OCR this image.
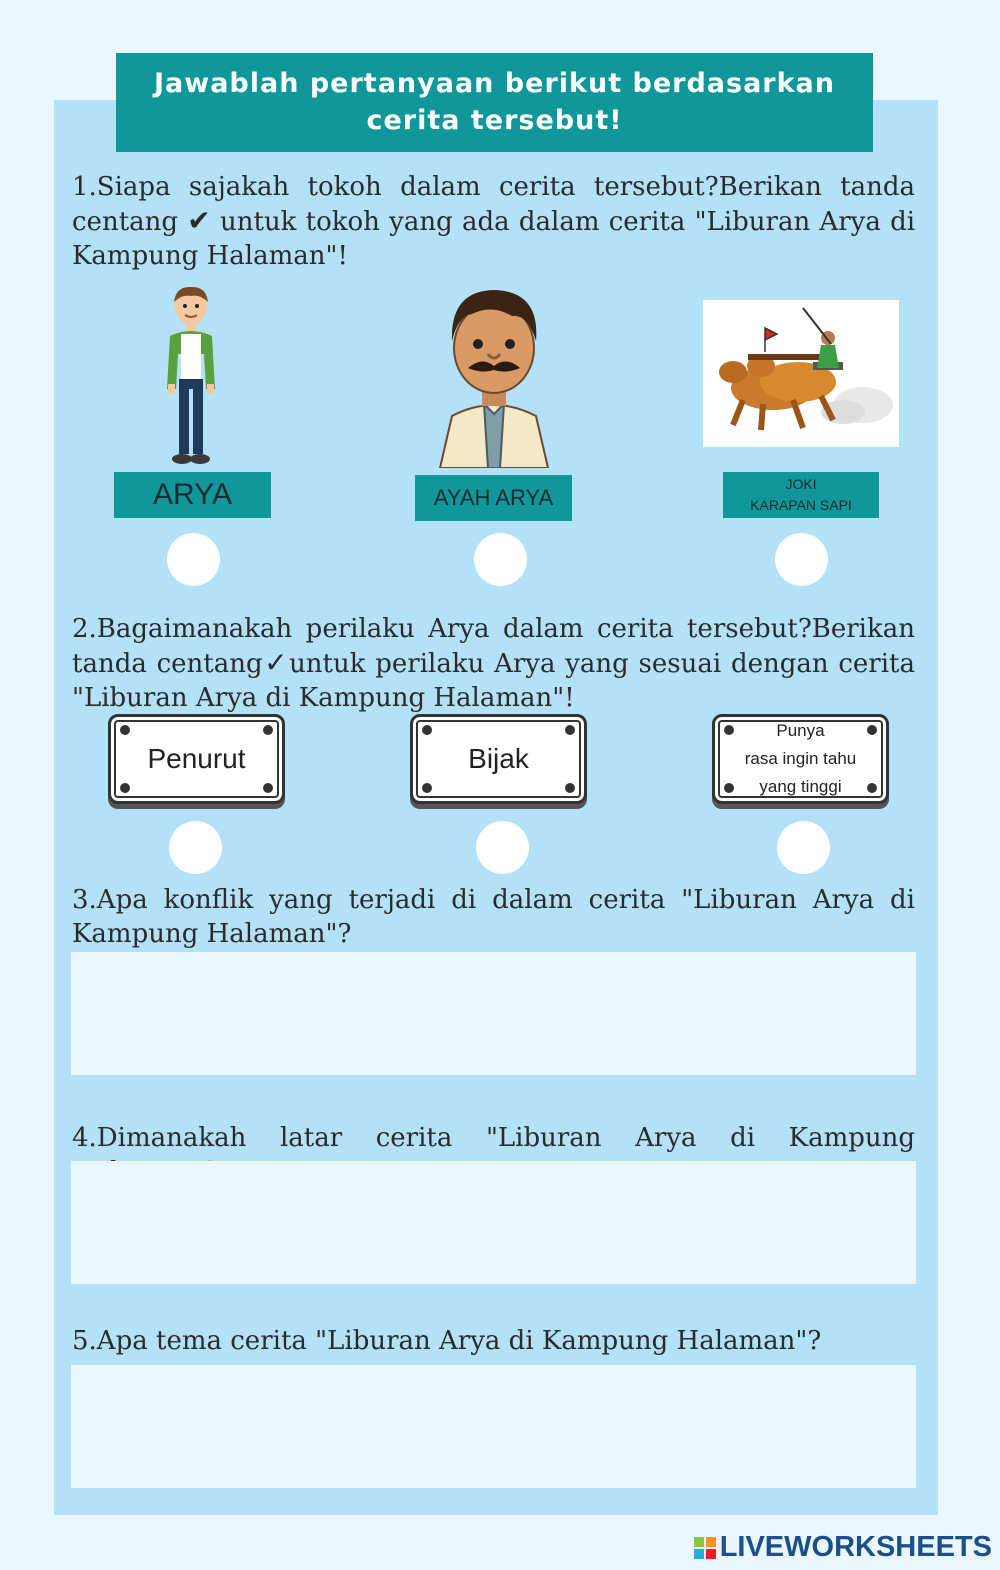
Jawablah pertanyaan berikut berdasarkan
cerita tersebut!
1.Siapa sajakah tokoh dalam cerita tersebut?Berikan tanda centang ✔ untuk tokoh yang ada dalam cerita "Liburan Arya di Kampung Halaman"!
ARYA	AYAH ARYA
JOKI
KARAPAN SAPI
2.Bagaimanakah perilaku Arya dalam cerita tersebut?Berikan tanda centang✓untuk perilaku Arya yang sesuai dengan cerita "Liburan Arya di Kampung Halaman"!
Penurut	Bijak
Punya
rasa ingin tahu
yang tinggi
3.Apa konflik yang terjadi di dalam cerita "Liburan Arya di Kampung Halaman"?
4.Dimanakah latar cerita "Liburan Arya di Kampung
5.Apa tema cerita "Liburan Arya di Kampung Halaman"?
LIVEWORKSHEETS
